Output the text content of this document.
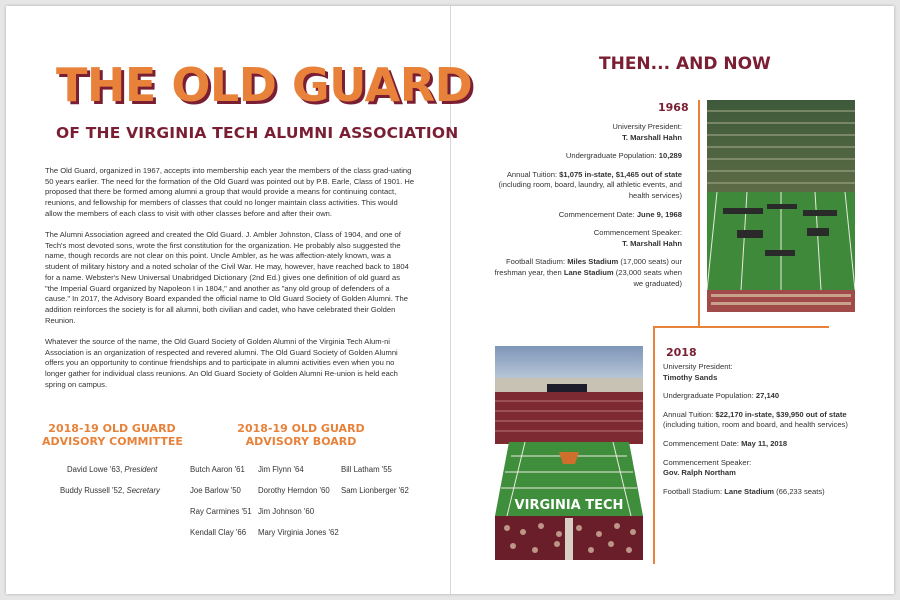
THE OLD GUARD
OF THE VIRGINIA TECH ALUMNI ASSOCIATION

The Old Guard, organized in 1967, accepts into membership each year the members of the class grad-uating 50 years earlier. The need for the formation of the Old Guard was pointed out by P.B. Earle, Class of 1901. He proposed that there be formed among alumni a group that would provide a means for continuing contact, reunions, and fellowship for members of classes that could no longer maintain class activities. This would allow the members of each class to visit with other classes before and after their own.

The Alumni Association agreed and created the Old Guard. J. Ambler Johnston, Class of 1904, and one of Tech's most devoted sons, wrote the first constitution for the organization. He probably also suggested the name, though records are not clear on this point. Uncle Ambler, as he was affection-ately known, was a student of military history and a noted scholar of the Civil War. He may, however, have reached back to 1804 for a name. Webster's New Universal Unabridged Dictionary (2nd Ed.) gives one definition of old guard as "the Imperial Guard organized by Napoleon I in 1804," and another as "any old group of defenders of a cause." In 2017, the Advisory Board expanded the official name to Old Guard Society of Golden Alumni. The addition reinforces the society is for all alumni, both civilian and cadet, who have celebrated their Golden Reunion.

Whatever the source of the name, the Old Guard Society of Golden Alumni of the Virginia Tech Alum-ni Association is an organization of respected and revered alumni. The Old Guard Society of Golden Alumni offers you an opportunity to continue friendships and to participate in alumni activities even when you no longer gather for individual class reunions. An Old Guard Society of Golden Alumni Re-union is held each spring on campus.

2018-19 OLD GUARD
ADVISORY COMMITTEE
David Lowe '63, President
Buddy Russell '52, Secretary
2018-19 OLD GUARD
ADVISORY BOARD
Butch Aaron '61
Joe Barlow '50
Ray Carmines '51
Kendall Clay '66
Jim Flynn '64
Dorothy Herndon '60
Jim Johnson '60
Mary Virginia Jones '62
Bill Latham '55
Sam Lionberger '62
THEN... AND NOW
1968

University President:
T. Marshall Hahn

Undergraduate Population: 10,289

Annual Tuition: $1,075 in-state, $1,465 out of state (including room, board, laundry, all athletic events, and health services)

Commencement Date: June 9, 1968

Commencement Speaker:
T. Marshall Hahn

Football Stadium: Miles Stadium (17,000 seats) our freshman year, then Lane Stadium (23,000 seats when we graduated)

VIRGINIA TECH
2018

University President:
Timothy Sands

Undergraduate Population: 27,140

Annual Tuition: $22,170 in-state, $39,950 out of state (including tuition, room and board, and health services)

Commencement Date: May 11, 2018

Commencement Speaker:
Gov. Ralph Northam

Football Stadium: Lane Stadium (66,233 seats)
